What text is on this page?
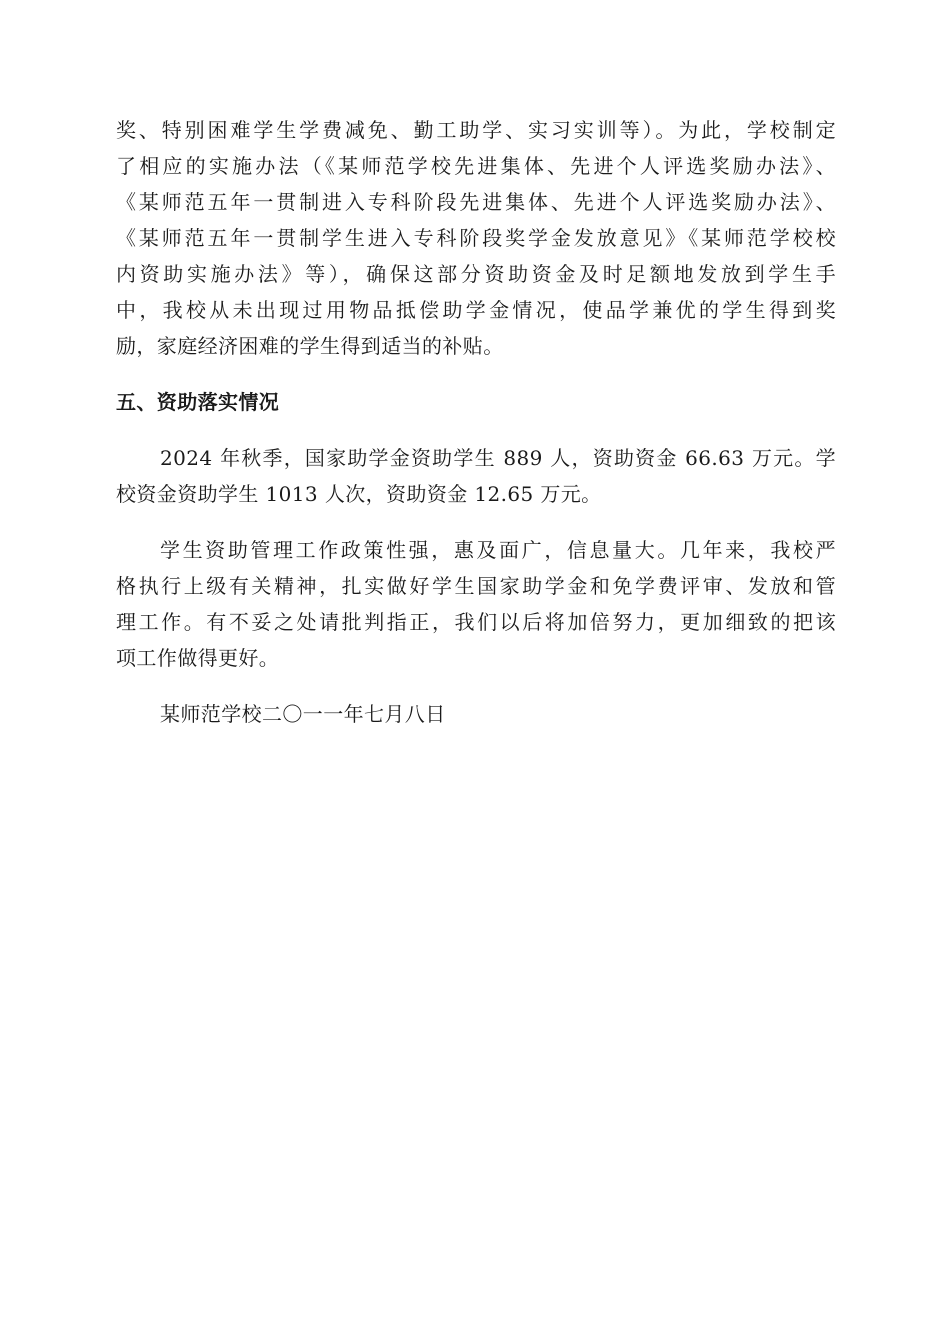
奖、特别困难学生学费减免、勤工助学、实习实训等）。为此，学校制定
了相应的实施办法（《某师范学校先进集体、先进个人评选奖励办法》、
《某师范五年一贯制进入专科阶段先进集体、先进个人评选奖励办法》、
《某师范五年一贯制学生进入专科阶段奖学金发放意见》《某师范学校校
内资助实施办法》等），确保这部分资助资金及时足额地发放到学生手
中，我校从未出现过用物品抵偿助学金情况，使品学兼优的学生得到奖
励，家庭经济困难的学生得到适当的补贴。
五、资助落实情况
2024 年秋季，国家助学金资助学生 889 人，资助资金 66.63 万元。学
校资金资助学生 1013 人次，资助资金 12.65 万元。
学生资助管理工作政策性强，惠及面广，信息量大。几年来，我校严
格执行上级有关精神，扎实做好学生国家助学金和免学费评审、发放和管
理工作。有不妥之处请批判指正，我们以后将加倍努力，更加细致的把该
项工作做得更好。
某师范学校二〇一一年七月八日
